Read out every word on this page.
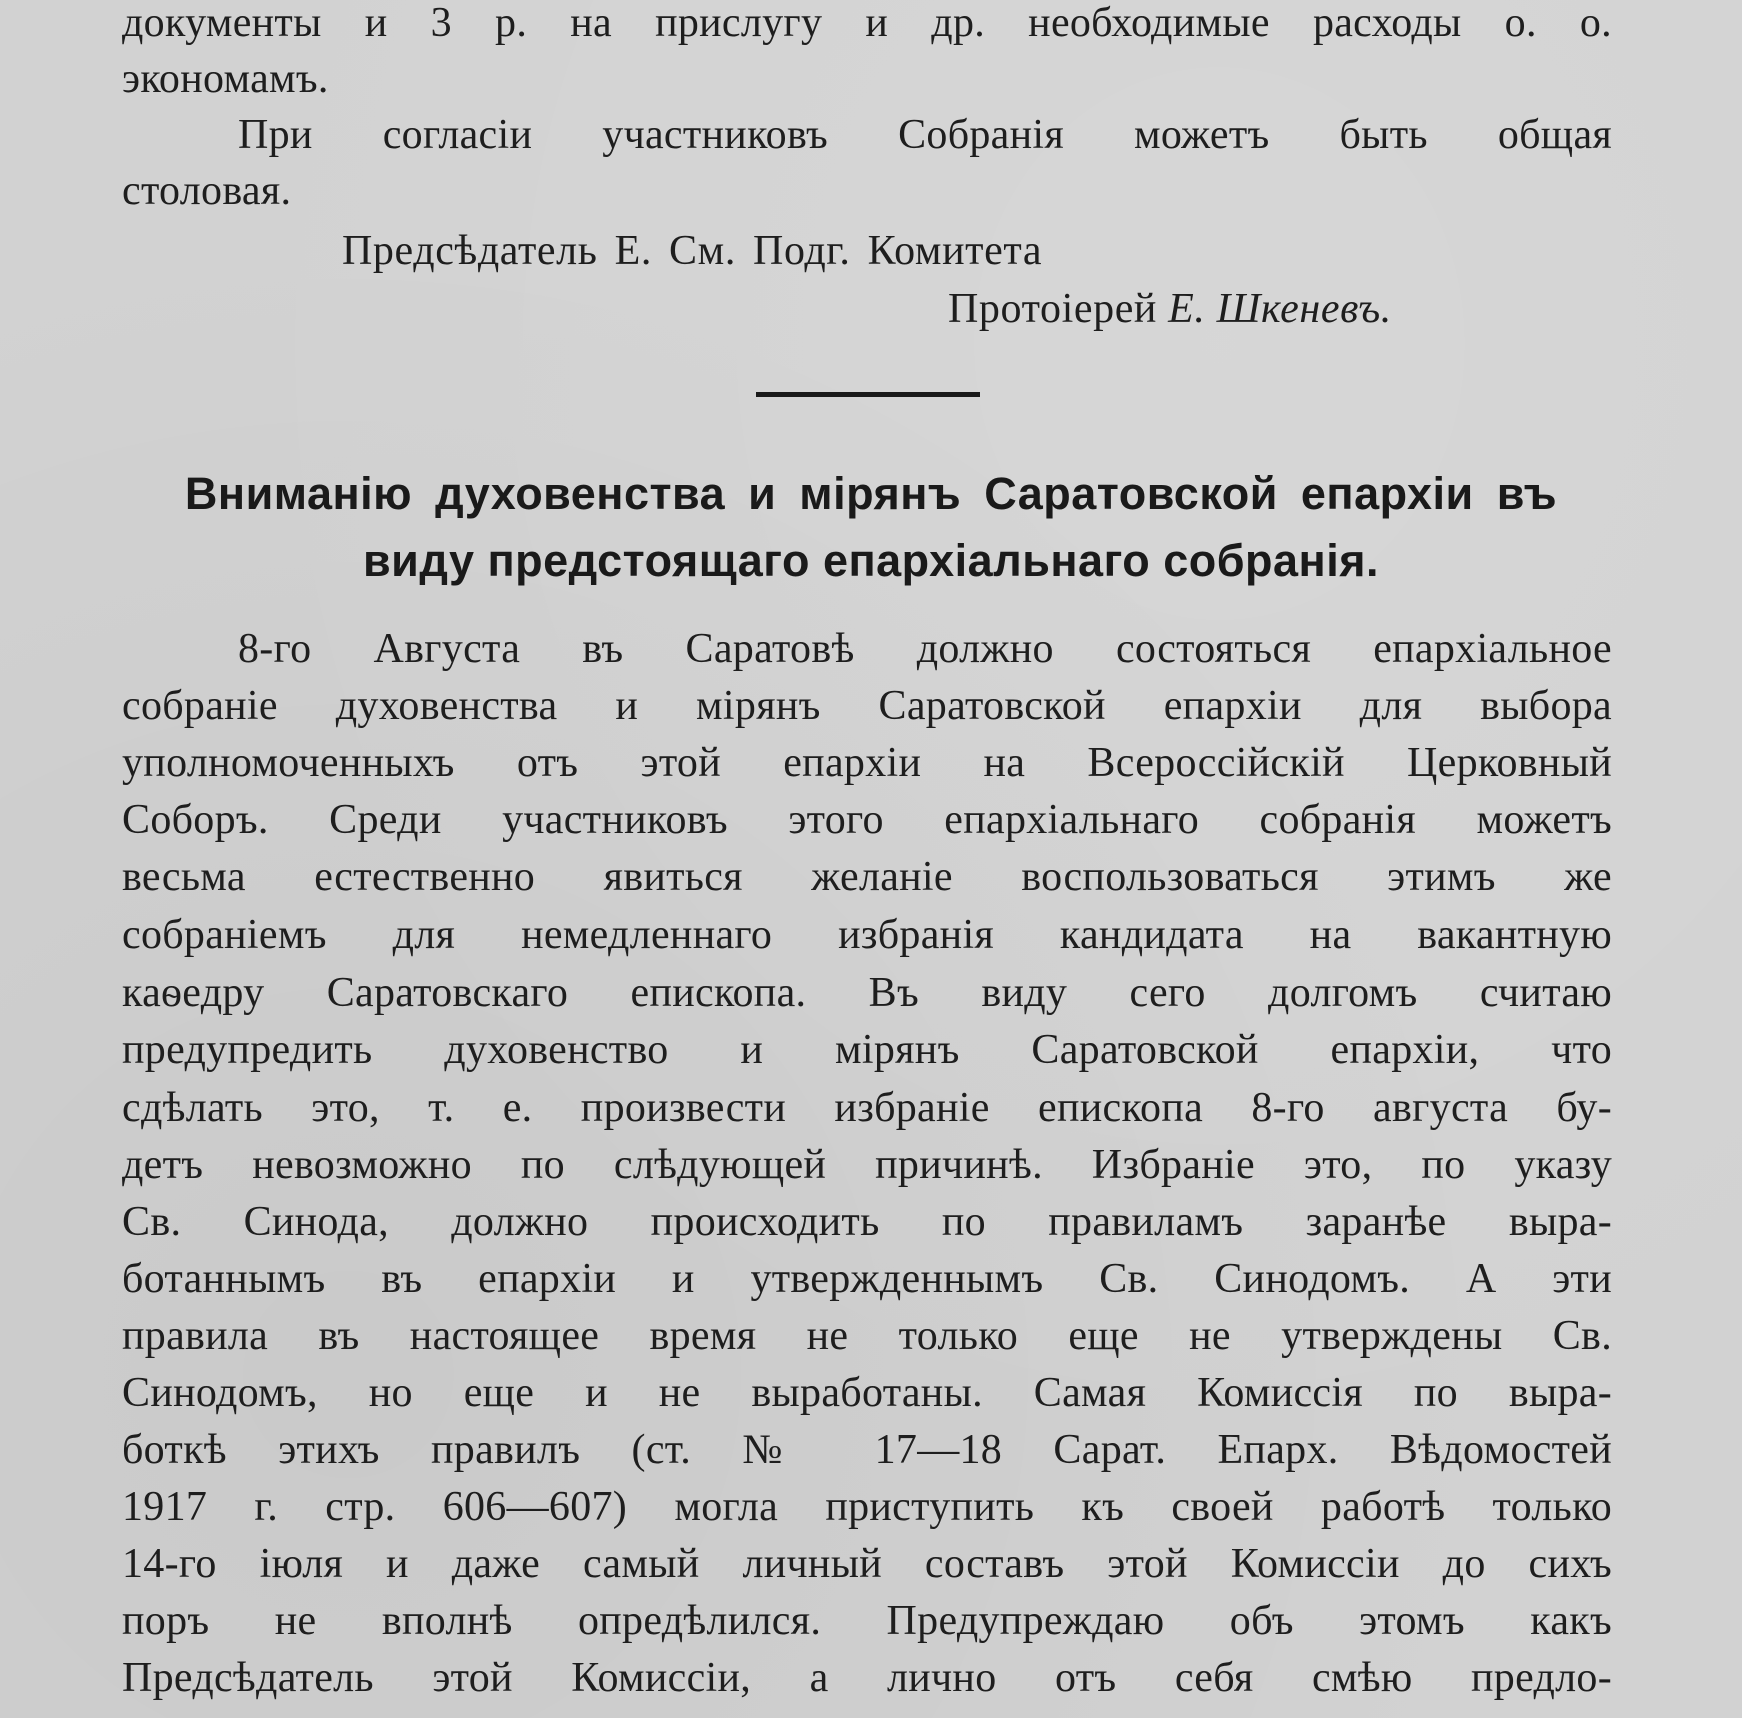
документы и 3 р. на прислугу и др. необходимые расходы о. о.
экономамъ.
При согласіи участниковъ Собранія можетъ быть общая
столовая.
Предсѣдатель Е. См. Подг. Комитета
Протоіерей Е. Шкеневъ.
Вниманію духовенства и мірянъ Саратовской епархіи въ
виду предстоящаго епархіальнаго собранія.
8-го Августа въ Саратовѣ должно состояться епархіальное
собраніе духовенства и мірянъ Саратовской епархіи для выбора
уполномоченныхъ отъ этой епархіи на Всероссійскій Церковный
Соборъ. Среди участниковъ этого епархіальнаго собранія можетъ
весьма естественно явиться желаніе воспользоваться этимъ же
собраніемъ для немедленнаго избранія кандидата на вакантную
каѳедру Саратовскаго епископа. Въ виду сего долгомъ считаю
предупредить духовенство и мірянъ Саратовской епархіи, что
сдѣлать это, т. е. произвести избраніе епископа 8-го августа бу-
детъ невозможно по слѣдующей причинѣ. Избраніе это, по указу
Св. Синода, должно происходить по правиламъ заранѣе выра-
ботаннымъ въ епархіи и утвержденнымъ Св. Синодомъ. А эти
правила въ настоящее время не только еще не утверждены Св.
Синодомъ, но еще и не выработаны. Самая Комиссія по выра-
боткѣ этихъ правилъ (ст. № 17—18 Сарат. Епарх. Вѣдомостей
1917 г. стр. 606—607) могла приступить къ своей работѣ только
14-го іюля и даже самый личный составъ этой Комиссіи до сихъ
поръ не вполнѣ опредѣлился. Предупреждаю объ этомъ какъ
Предсѣдатель этой Комиссіи, а лично отъ себя смѣю предло-
